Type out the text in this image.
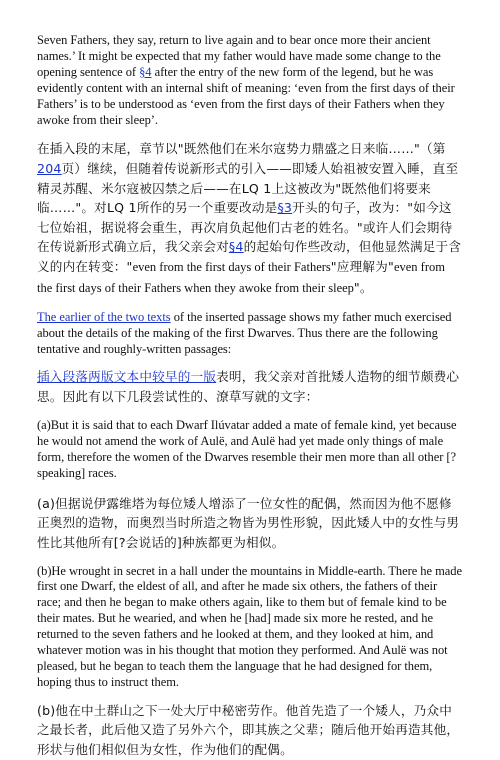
Seven Fathers, they say, return to live again and to bear once more their ancient names.’ It might be expected that my father would have made some change to the opening sentence of §4 after the entry of the new form of the legend, but he was evidently content with an internal shift of meaning: ‘even from the first days of their Fathers’ is to be understood as ‘even from the first days of their Fathers when they awoke from their sleep’.

在插入段的末尾，章节以"既然他们在米尔寇势力鼎盛之日来临……"（第204页）继续，但随着传说新形式的引入——即矮人始祖被安置入睡，直至精灵苏醒、米尔寇被囚禁之后——在LQ 1上这被改为"既然他们将要来临……"。对LQ 1所作的另一个重要改动是§3开头的句子，改为："如今这七位始祖，据说将会重生，再次肩负起他们古老的姓名。"或许人们会期待在传说新形式确立后，我父亲会对§4的起始句作些改动，但他显然满足于含义的内在转变："even from the first days of their Fathers"应理解为"even from the first days of their Fathers when they awoke from their sleep"。

The earlier of the two texts of the inserted passage shows my father much exercised about the details of the making of the first Dwarves. Thus there are the following tentative and roughly-written passages:

插入段落两版文本中较早的一版表明，我父亲对首批矮人造物的细节颇费心思。因此有以下几段尝试性的、潦草写就的文字：

(a)But it is said that to each Dwarf Ilúvatar added a mate of female kind, yet because he would not amend the work of Aulë, and Aulë had yet made only things of male form, therefore the women of the Dwarves resemble their men more than all other [?speaking] races.

(a)但据说伊露维塔为每位矮人增添了一位女性的配偶，然而因为他不愿修正奥烈的造物，而奥烈当时所造之物皆为男性形貌，因此矮人中的女性与男性比其他所有[?会说话的]种族都更为相似。

(b)He wrought in secret in a hall under the mountains in Middle-earth. There he made first one Dwarf, the eldest of all, and after he made six others, the fathers of their race; and then he began to make others again, like to them but of female kind to be their mates. But he wearied, and when he [had] made six more he rested, and he returned to the seven fathers and he looked at them, and they looked at him, and whatever motion was in his thought that motion they performed. And Aulë was not pleased, but he began to teach them the language that he had designed for them, hoping thus to instruct them.

(b)他在中土群山之下一处大厅中秘密劳作。他首先造了一个矮人，乃众中之最长者，此后他又造了另外六个，即其族之父辈；随后他开始再造其他，形状与他们相似但为女性，作为他们的配偶。
